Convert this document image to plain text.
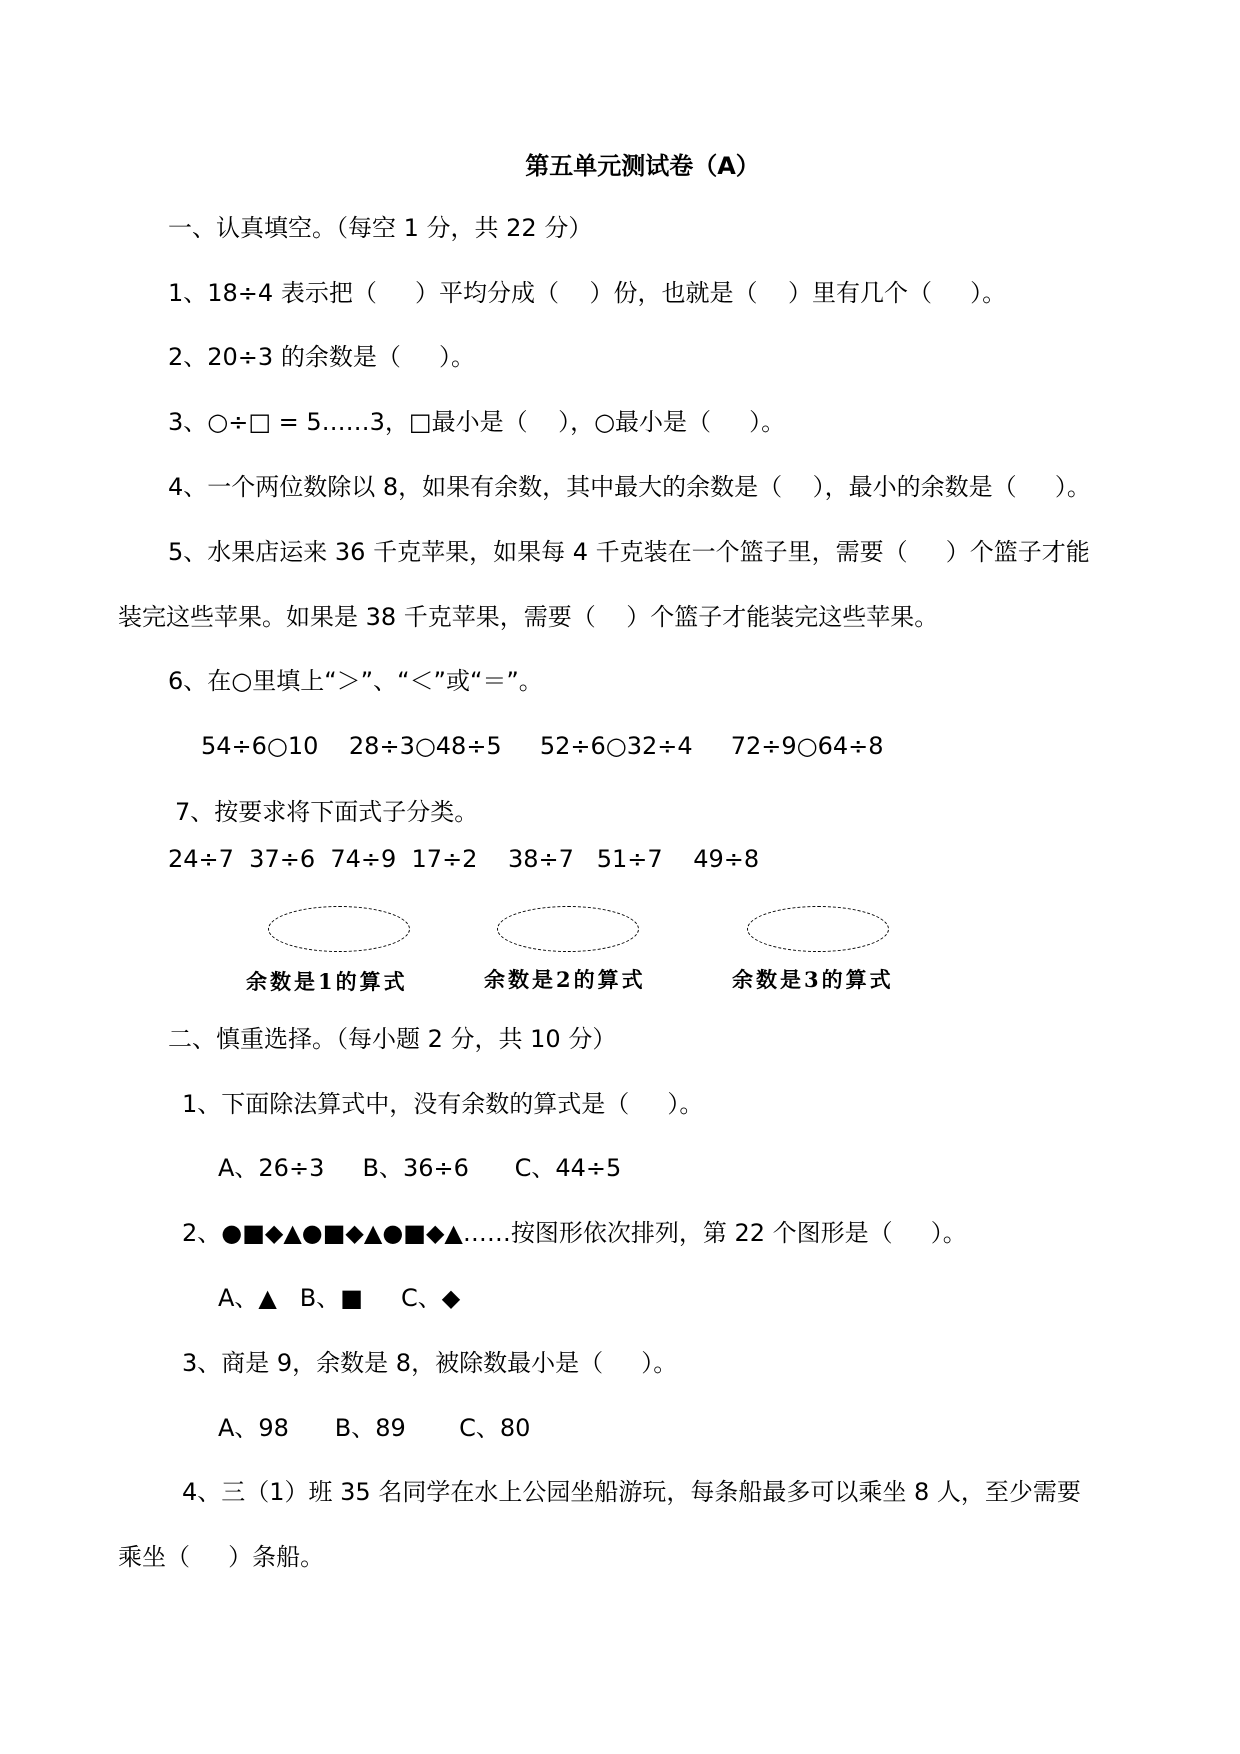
第五单元测试卷（A）
一、认真填空。（每空 1 分，共 22 分）
1、18÷4 表示把（     ）平均分成（    ）份，也就是（    ）里有几个（     ）。
2、20÷3 的余数是（     ）。
3、○÷□ = 5……3，□最小是（    ），○最小是（     ）。
4、一个两位数除以 8，如果有余数，其中最大的余数是（    ），最小的余数是（     ）。
5、水果店运来 36 千克苹果，如果每 4 千克装在一个篮子里，需要（     ）个篮子才能
装完这些苹果。如果是 38 千克苹果，需要（    ）个篮子才能装完这些苹果。
6、在○里填上“＞”、“＜”或“＝”。
54÷6○10    28÷3○48÷5     52÷6○32÷4     72÷9○64÷8
7、按要求将下面式子分类。
24÷7  37÷6  74÷9  17÷2    38÷7   51÷7    49÷8
余数是1的算式	余数是2的算式	余数是3的算式
二、慎重选择。（每小题 2 分，共 10 分）
1、下面除法算式中，没有余数的算式是（     ）。
A、26÷3     B、36÷6      C、44÷5
2、●■◆▲●■◆▲●■◆▲……按图形依次排列，第 22 个图形是（     ）。
A、▲   B、■     C、◆
3、商是 9，余数是 8，被除数最小是（     ）。
A、98      B、89       C、80
4、三（1）班 35 名同学在水上公园坐船游玩，每条船最多可以乘坐 8 人，至少需要
乘坐（     ）条船。
